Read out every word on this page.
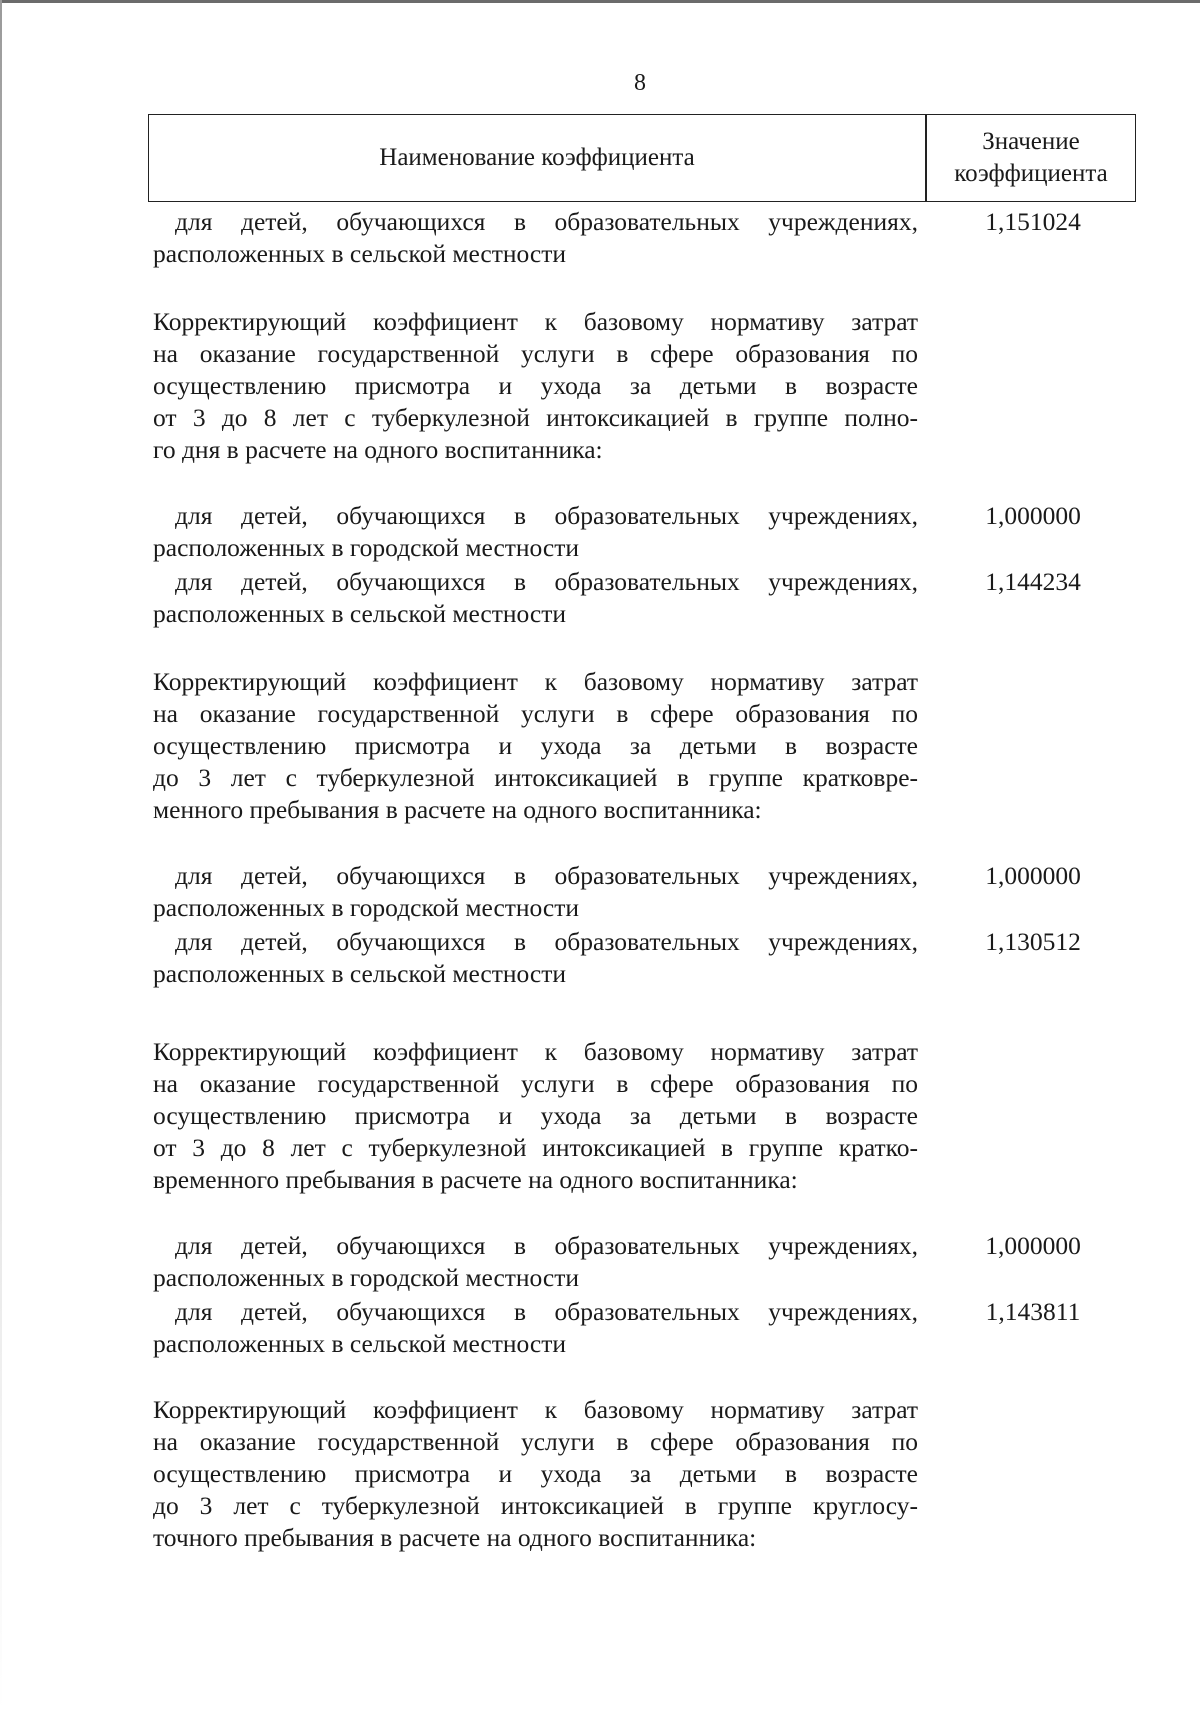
8
Наименование коэффициента
Значение
коэффициента
для детей, обучающихся в образовательных учреждениях,
расположенных в сельской местности
1,151024
Корректирующий коэффициент к базовому нормативу затрат
на оказание государственной услуги в сфере образования по
осуществлению присмотра и ухода за детьми в возрасте
от 3 до 8 лет с туберкулезной интоксикацией в группе полно-
го дня в расчете на одного воспитанника:
для детей, обучающихся в образовательных учреждениях,
расположенных в городской местности
1,000000
для детей, обучающихся в образовательных учреждениях,
расположенных в сельской местности
1,144234
Корректирующий коэффициент к базовому нормативу затрат
на оказание государственной услуги в сфере образования по
осуществлению присмотра и ухода за детьми в возрасте
до 3 лет с туберкулезной интоксикацией в группе кратковре-
менного пребывания в расчете на одного воспитанника:
для детей, обучающихся в образовательных учреждениях,
расположенных в городской местности
1,000000
для детей, обучающихся в образовательных учреждениях,
расположенных в сельской местности
1,130512
Корректирующий коэффициент к базовому нормативу затрат
на оказание государственной услуги в сфере образования по
осуществлению присмотра и ухода за детьми в возрасте
от 3 до 8 лет с туберкулезной интоксикацией в группе кратко-
временного пребывания в расчете на одного воспитанника:
для детей, обучающихся в образовательных учреждениях,
расположенных в городской местности
1,000000
для детей, обучающихся в образовательных учреждениях,
расположенных в сельской местности
1,143811
Корректирующий коэффициент к базовому нормативу затрат
на оказание государственной услуги в сфере образования по
осуществлению присмотра и ухода за детьми в возрасте
до 3 лет с туберкулезной интоксикацией в группе круглосу-
точного пребывания в расчете на одного воспитанника:
